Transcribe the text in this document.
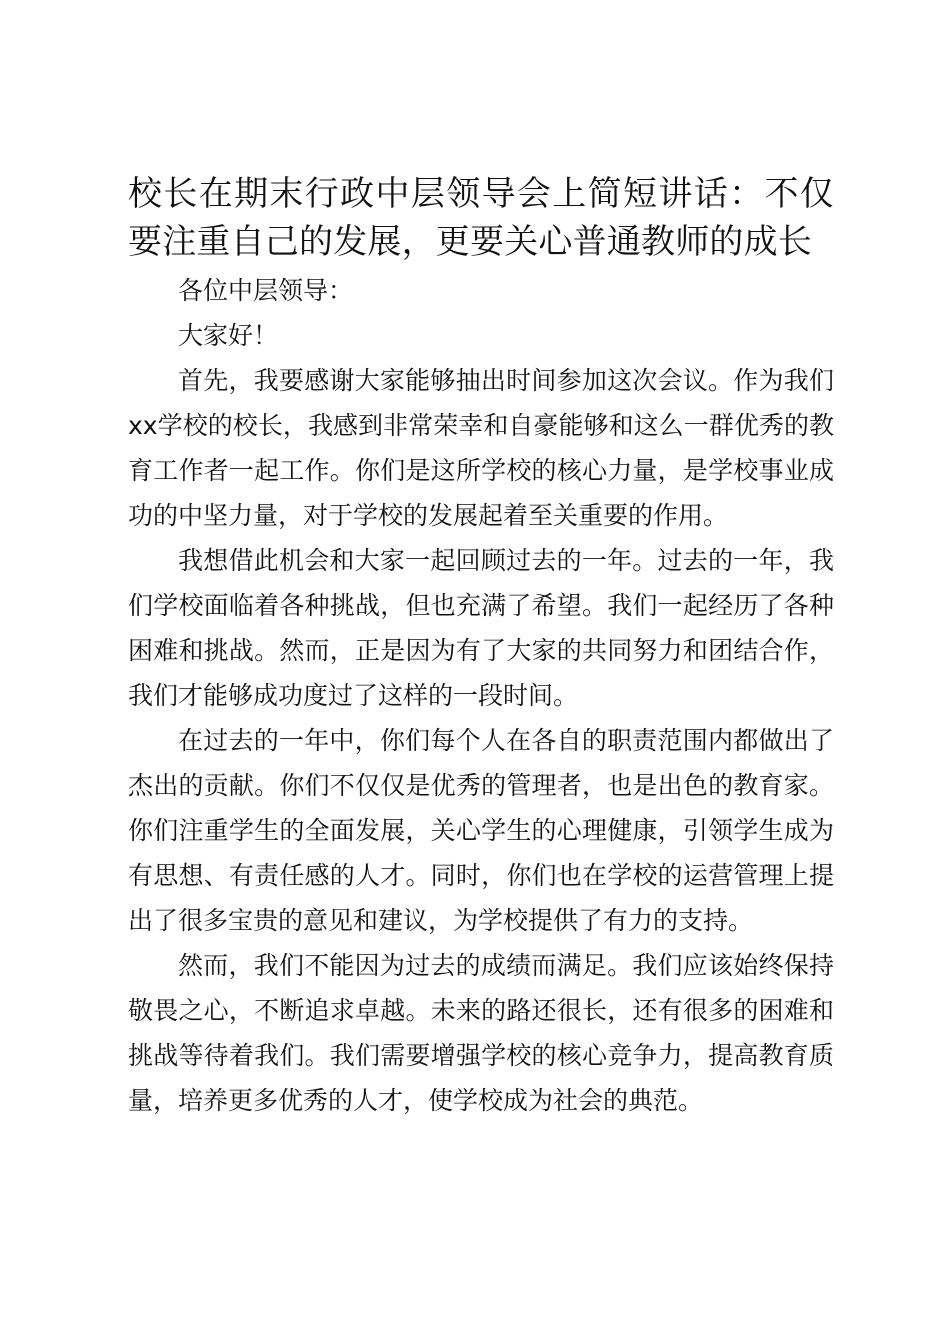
校长在期末行政中层领导会上简短讲话：不仅要注重自己的发展，更要关心普通教师的成长

各位中层领导：

大家好！

首先，我要感谢大家能够抽出时间参加这次会议。作为我们xx学校的校长，我感到非常荣幸和自豪能够和这么一群优秀的教育工作者一起工作。你们是这所学校的核心力量，是学校事业成功的中坚力量，对于学校的发展起着至关重要的作用。

我想借此机会和大家一起回顾过去的一年。过去的一年，我们学校面临着各种挑战，但也充满了希望。我们一起经历了各种困难和挑战。然而，正是因为有了大家的共同努力和团结合作，我们才能够成功度过了这样的一段时间。

在过去的一年中，你们每个人在各自的职责范围内都做出了杰出的贡献。你们不仅仅是优秀的管理者，也是出色的教育家。你们注重学生的全面发展，关心学生的心理健康，引领学生成为有思想、有责任感的人才。同时，你们也在学校的运营管理上提出了很多宝贵的意见和建议，为学校提供了有力的支持。

然而，我们不能因为过去的成绩而满足。我们应该始终保持敬畏之心，不断追求卓越。未来的路还很长，还有很多的困难和挑战等待着我们。我们需要增强学校的核心竞争力，提高教育质量，培养更多优秀的人才，使学校成为社会的典范。
